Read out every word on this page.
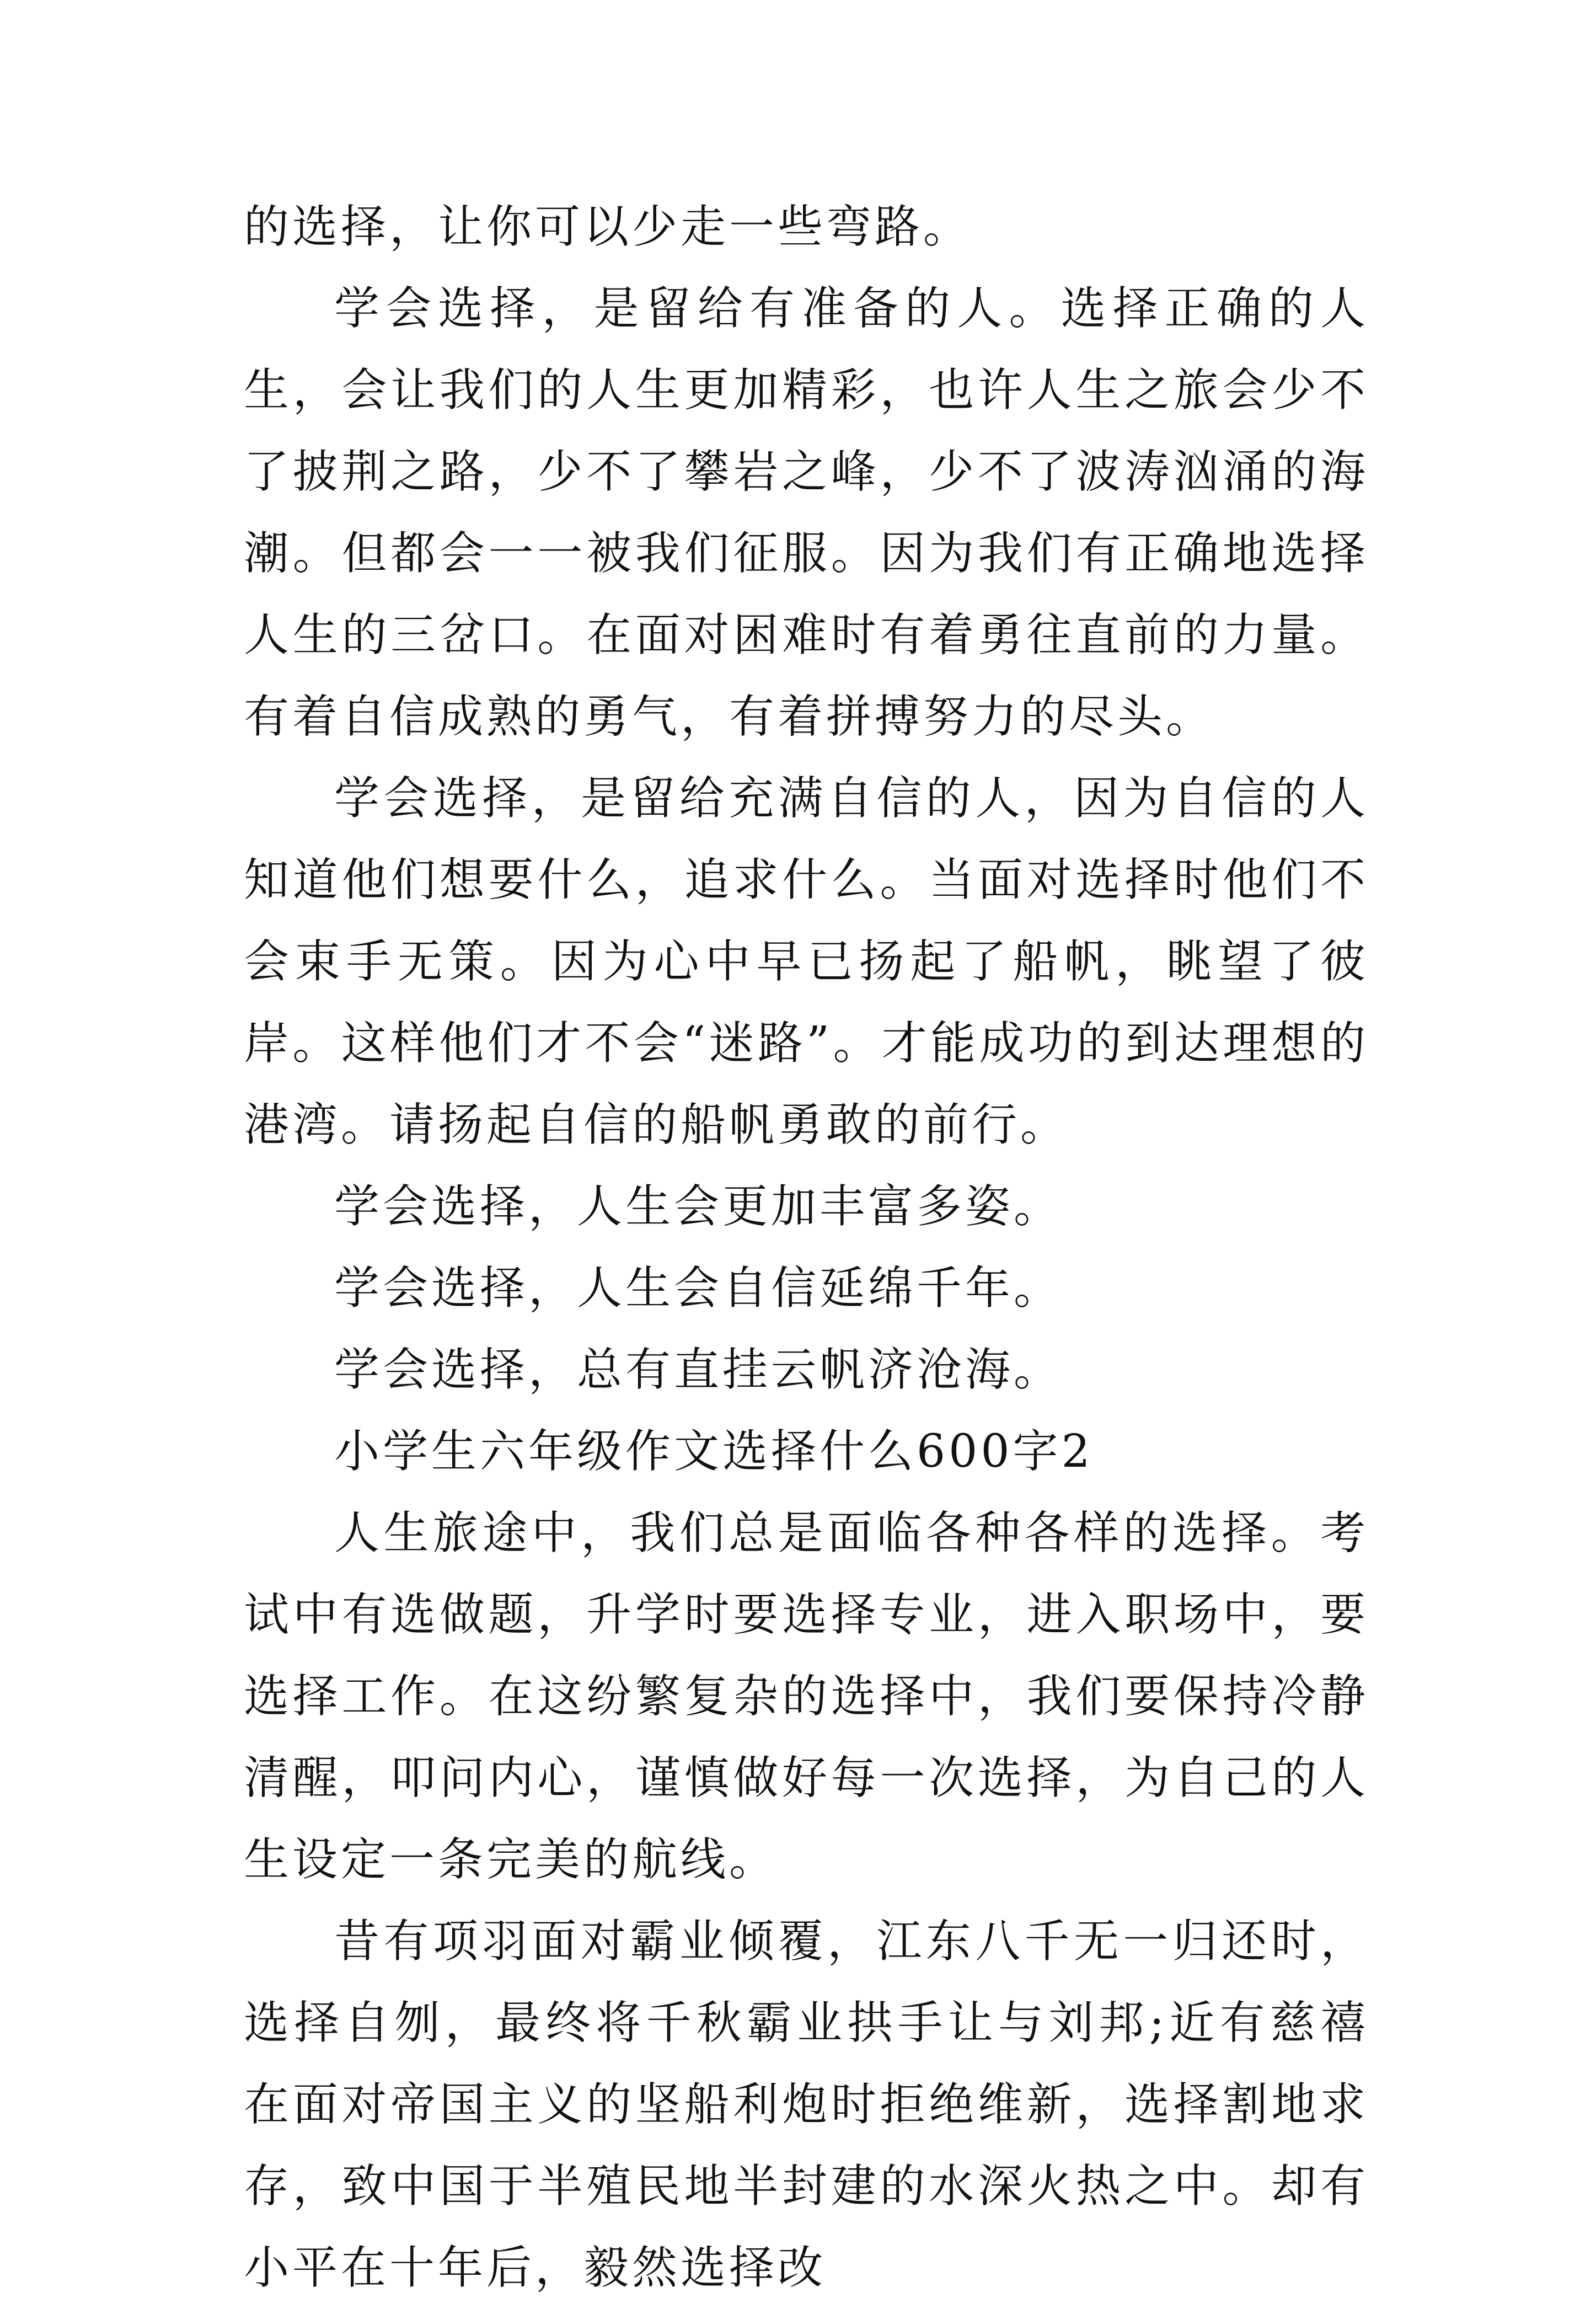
的选择，让你可以少走一些弯路。

学会选择，是留给有准备的人。选择正确的人生，会让我们的人生更加精彩，也许人生之旅会少不了披荆之路，少不了攀岩之峰，少不了波涛汹涌的海潮。但都会一一被我们征服。因为我们有正确地选择人生的三岔口。在面对困难时有着勇往直前的力量。有着自信成熟的勇气，有着拼搏努力的尽头。

学会选择，是留给充满自信的人，因为自信的人知道他们想要什么，追求什么。当面对选择时他们不会束手无策。因为心中早已扬起了船帆，眺望了彼岸。这样他们才不会“迷路”。才能成功的到达理想的港湾。请扬起自信的船帆勇敢的前行。

学会选择，人生会更加丰富多姿。

学会选择，人生会自信延绵千年。

学会选择，总有直挂云帆济沧海。

小学生六年级作文选择什么600字2

人生旅途中，我们总是面临各种各样的选择。考试中有选做题，升学时要选择专业，进入职场中，要选择工作。在这纷繁复杂的选择中，我们要保持冷静清醒，叩问内心，谨慎做好每一次选择，为自己的人生设定一条完美的航线。

昔有项羽面对霸业倾覆，江东八千无一归还时，选择自刎，最终将千秋霸业拱手让与刘邦;近有慈禧在面对帝国主义的坚船利炮时拒绝维新，选择割地求存，致中国于半殖民地半封建的水深火热之中。却有小平在十年后，毅然选择改
